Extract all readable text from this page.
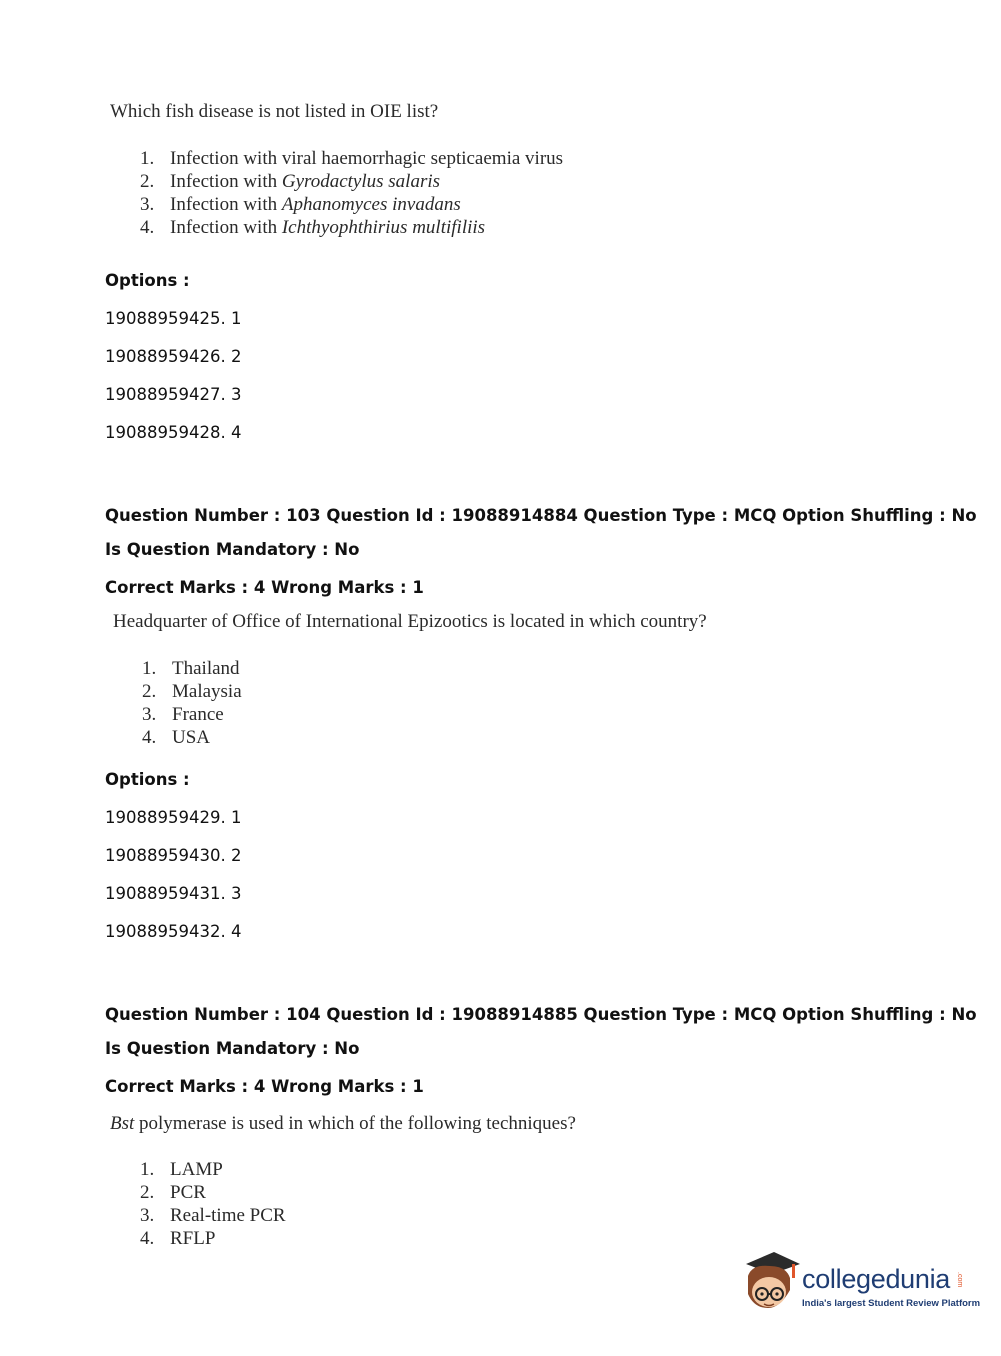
Which fish disease is not listed in OIE list?
1. Infection with viral haemorrhagic septicaemia virus
2. Infection with Gyrodactylus salaris
3. Infection with Aphanomyces invadans
4. Infection with Ichthyophthirius multifiliis
Options :
19088959425. 1
19088959426. 2
19088959427. 3
19088959428. 4
Question Number : 103 Question Id : 19088914884 Question Type : MCQ Option Shuffling : No
Is Question Mandatory : No
Correct Marks : 4 Wrong Marks : 1
Headquarter of Office of International Epizootics is located in which country?
1. Thailand
2. Malaysia
3. France
4. USA
Options :
19088959429. 1
19088959430. 2
19088959431. 3
19088959432. 4
Question Number : 104 Question Id : 19088914885 Question Type : MCQ Option Shuffling : No
Is Question Mandatory : No
Correct Marks : 4 Wrong Marks : 1
Bst polymerase is used in which of the following techniques?
1. LAMP
2. PCR
3. Real-time PCR
4. RFLP
collegedunia .com
India's largest Student Review Platform
